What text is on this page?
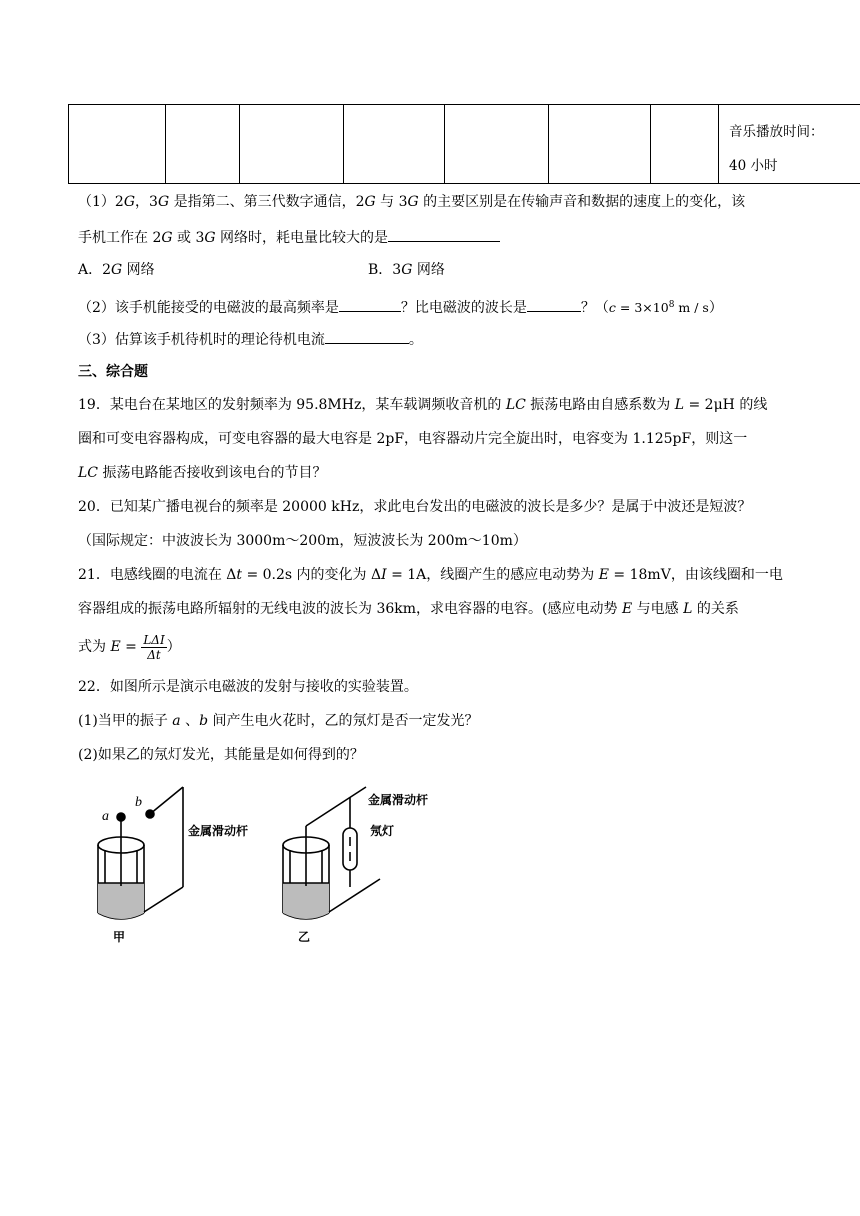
音乐播放时间：
40 小时
（1）2G，3G 是指第二、第三代数字通信，2G 与 3G 的主要区别是在传输声音和数据的速度上的变化，该
手机工作在 2G 或 3G 网络时，耗电量比较大的是
A．2G 网络	B．3G 网络
（2）该手机能接受的电磁波的最高频率是	？比电磁波的波长是	？（$c = 3\times 10^8$ m / s）
（3）估算该手机待机时的理论待机电流	。
三、综合题
19．某电台在某地区的发射频率为 95.8MHz，某车载调频收音机的 LC 振荡电路由自感系数为 L = 2μH 的线
圈和可变电容器构成，可变电容器的最大电容是 2pF，电容器动片完全旋出时，电容变为 1.125pF，则这一
LC 振荡电路能否接收到该电台的节目？
20．已知某广播电视台的频率是 20000 kHz，求此电台发出的电磁波的波长是多少？是属于中波还是短波？
（国际规定：中波波长为 3000m～200m，短波波长为 200m～10m）
21．电感线圈的电流在 Δt = 0.2s 内的变化为 ΔI = 1A，线圈产生的感应电动势为 E = 18mV，由该线圈和一电
容器组成的振荡电路所辐射的无线电波的波长为 36km，求电容器的电容。(感应电动势 E 与电感 L 的关系
式为 $E = \frac{\text{LΔI}}{\Delta t}$ ）
22．如图所示是演示电磁波的发射与接收的实验装置。
(1)当甲的振子 a 、b 间产生电火花时，乙的氖灯是否一定发光？
(2)如果乙的氖灯发光，其能量是如何得到的？
a
b
金属滑动杆
甲
金属滑动杆
氖灯
乙
